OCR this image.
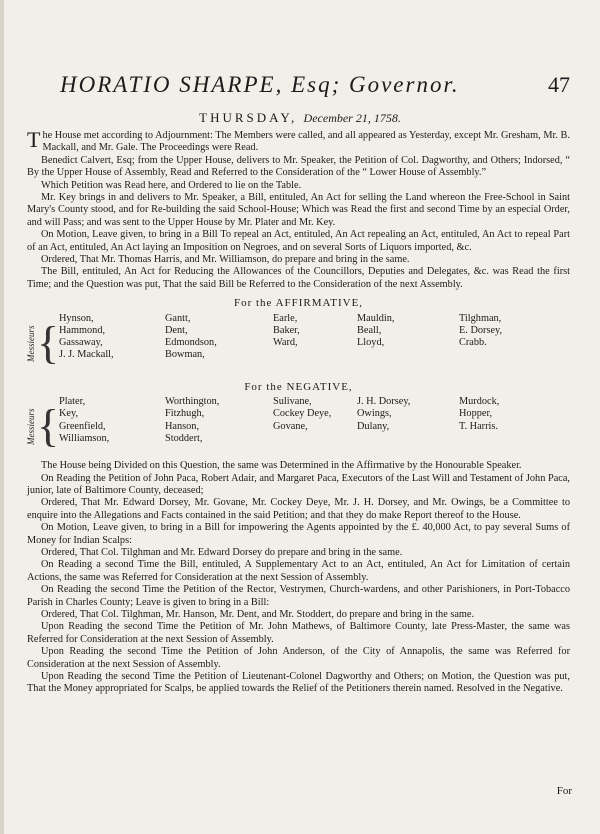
HORATIO SHARPE, Esq; Governor.	47
THURSDAY, December 21, 1758.

The House met according to Adjournment: The Members were called, and all appeared as Yesterday, except Mr. Gresham, Mr. B. Mackall, and Mr. Gale. The Proceedings were Read.

Benedict Calvert, Esq; from the Upper House, delivers to Mr. Speaker, the Petition of Col. Dagworthy, and Others; Indorsed, “ By the Upper House of Assembly, Read and Referred to the Consideration of the “ Lower House of Assembly.”

Which Petition was Read here, and Ordered to lie on the Table.

Mr. Key brings in and delivers to Mr. Speaker, a Bill, entituled, An Act for selling the Land whereon the Free-School in Saint Mary's County stood, and for Re-building the said School-House; Which was Read the first and second Time by an especial Order, and will Pass; and was sent to the Upper House by Mr. Plater and Mr. Key.

On Motion, Leave given, to bring in a Bill To repeal an Act, entituled, An Act repealing an Act, entituled, An Act to repeal Part of an Act, entituled, An Act laying an Imposition on Negroes, and on several Sorts of Liquors imported, &c.

Ordered, That Mr. Thomas Harris, and Mr. Williamson, do prepare and bring in the same.

The Bill, entituled, An Act for Reducing the Allowances of the Councillors, Deputies and Delegates, &c. was Read the first Time; and the Question was put, That the said Bill be Referred to the Consideration of the next Assembly.

For the AFFIRMATIVE,
Messieurs { Hynson,
Hammond,
Gassaway,
J. J. Mackall,
Gantt,
Dent,
Edmondson,
Bowman,
Earle,
Baker,
Ward,
Mauldin,
Beall,
Lloyd,
Tilghman,
E. Dorsey,
Crabb.
For the NEGATIVE,
Messieurs { Plater,
Key,
Greenfield,
Williamson,
Worthington,
Fitzhugh,
Hanson,
Stoddert,
Sulivane,
Cockey Deye,
Govane,
J. H. Dorsey,
Owings,
Dulany,
Murdock,
Hopper,
T. Harris.

The House being Divided on this Question, the same was Determined in the Affirmative by the Honourable Speaker.

On Reading the Petition of John Paca, Robert Adair, and Margaret Paca, Executors of the Last Will and Testament of John Paca, junior, late of Baltimore County, deceased;

Ordered, That Mr. Edward Dorsey, Mr. Govane, Mr. Cockey Deye, Mr. J. H. Dorsey, and Mr. Owings, be a Committee to enquire into the Allegations and Facts contained in the said Petition; and that they do make Report thereof to the House.

On Motion, Leave given, to bring in a Bill for impowering the Agents appointed by the £. 40,000 Act, to pay several Sums of Money for Indian Scalps:

Ordered, That Col. Tilghman and Mr. Edward Dorsey do prepare and bring in the same.

On Reading a second Time the Bill, entituled, A Supplementary Act to an Act, entituled, An Act for Limitation of certain Actions, the same was Referred for Consideration at the next Session of Assembly.

On Reading the second Time the Petition of the Rector, Vestrymen, Church-wardens, and other Parishioners, in Port-Tobacco Parish in Charles County; Leave is given to bring in a Bill:

Ordered, That Col. Tilghman, Mr. Hanson, Mr. Dent, and Mr. Stoddert, do prepare and bring in the same.

Upon Reading the second Time the Petition of Mr. John Mathews, of Baltimore County, late Press-Master, the same was Referred for Consideration at the next Session of Assembly.

Upon Reading the second Time the Petition of John Anderson, of the City of Annapolis, the same was Referred for Consideration at the next Session of Assembly.

Upon Reading the second Time the Petition of Lieutenant-Colonel Dagworthy and Others; on Motion, the Question was put, That the Money appropriated for Scalps, be applied towards the Relief of the Petitioners therein named. Resolved in the Negative.

For
